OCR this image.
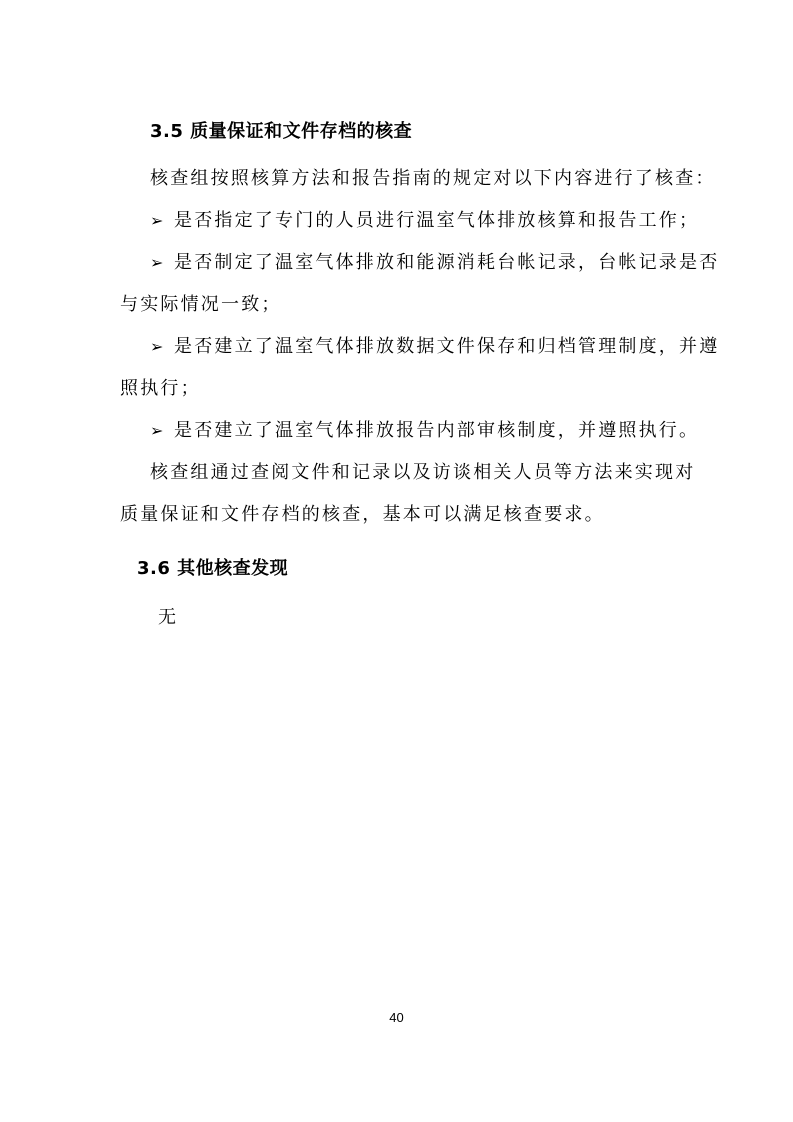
3.5 质量保证和文件存档的核查
核查组按照核算方法和报告指南的规定对以下内容进行了核查：
➢ 是否指定了专门的人员进行温室气体排放核算和报告工作；
➢ 是否制定了温室气体排放和能源消耗台帐记录，台帐记录是否
与实际情况一致；
➢ 是否建立了温室气体排放数据文件保存和归档管理制度，并遵
照执行；
➢ 是否建立了温室气体排放报告内部审核制度，并遵照执行。
核查组通过查阅文件和记录以及访谈相关人员等方法来实现对
质量保证和文件存档的核查，基本可以满足核查要求。
3.6 其他核查发现
无
40
